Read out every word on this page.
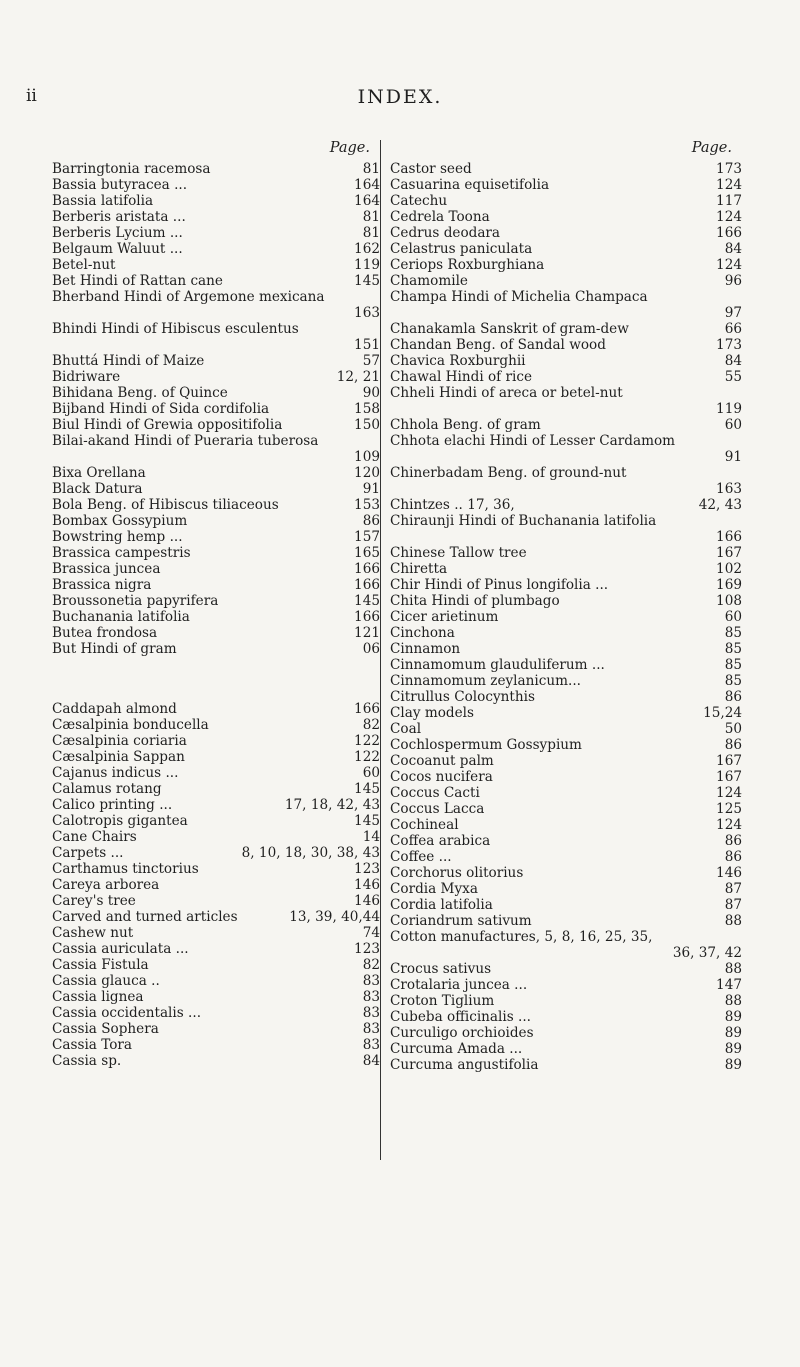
ii	INDEX.
Page.
Barringtonia racemosa	81
Bassia butyracea ...	164
Bassia latifolia	164
Berberis aristata ...	81
Berberis Lycium ...	81
Belgaum Waluut ...	162
Betel-nut	119
Bet Hindi of Rattan cane	145
Bherband Hindi of Argemone mexicana
163
Bhindi Hindi of Hibiscus esculentus
151
Bhuttá Hindi of Maize	57
Bidriware	12, 21
Bihidana Beng. of Quince	90
Bijband Hindi of Sida cordifolia	158
Biul Hindi of Grewia oppositifolia	150
Bilai-akand Hindi of Pueraria tuberosa
109
Bixa Orellana	120
Black Datura	91
Bola Beng. of Hibiscus tiliaceous	153
Bombax Gossypium	86
Bowstring hemp ...	157
Brassica campestris	165
Brassica juncea	166
Brassica nigra	166
Broussonetia papyrifera	145
Buchanania latifolia	166
Butea frondosa	121
But Hindi of gram	06
Caddapah almond	166
Cæsalpinia bonducella	82
Cæsalpinia coriaria	122
Cæsalpinia Sappan	122
Cajanus indicus ...	60
Calamus rotang	145
Calico printing ...	17, 18, 42, 43
Calotropis gigantea	145
Cane Chairs	14
Carpets ...	8, 10, 18, 30, 38, 43
Carthamus tinctorius	123
Careya arborea	146
Carey's tree	146
Carved and turned articles	13, 39, 40,44
Cashew nut	74
Cassia auriculata ...	123
Cassia Fistula	82
Cassia glauca ..	83
Cassia lignea	83
Cassia occidentalis ...	83
Cassia Sophera	83
Cassia Tora	83
Cassia sp.	84
Page.
Castor seed	173
Casuarina equisetifolia	124
Catechu	117
Cedrela Toona	124
Cedrus deodara	166
Celastrus paniculata	84
Ceriops Roxburghiana	124
Chamomile	96
Champa Hindi of Michelia Champaca
97
Chanakamla Sanskrit of gram-dew	66
Chandan Beng. of Sandal wood	173
Chavica Roxburghii	84
Chawal Hindi of rice	55
Chheli Hindi of areca or betel-nut
119
Chhola Beng. of gram	60
Chhota elachi Hindi of Lesser Cardamom
91
Chinerbadam Beng. of ground-nut
163
Chintzes .. 17, 36,	42, 43
Chiraunji Hindi of Buchanania latifolia
166
Chinese Tallow tree	167
Chiretta	102
Chir Hindi of Pinus longifolia ...	169
Chita Hindi of plumbago	108
Cicer arietinum	60
Cinchona	85
Cinnamon	85
Cinnamomum glauduliferum ...	85
Cinnamomum zeylanicum...	85
Citrullus Colocynthis	86
Clay models	15,24
Coal	50
Cochlospermum Gossypium	86
Cocoanut palm	167
Cocos nucifera	167
Coccus Cacti	124
Coccus Lacca	125
Cochineal	124
Coffea arabica	86
Coffee ...	86
Corchorus olitorius	146
Cordia Myxa	87
Cordia latifolia	87
Coriandrum sativum	88
Cotton manufactures, 5, 8, 16, 25, 35,
36, 37, 42
Crocus sativus	88
Crotalaria juncea ...	147
Croton Tiglium	88
Cubeba officinalis ...	89
Curculigo orchioides	89
Curcuma Amada ...	89
Curcuma angustifolia	89
